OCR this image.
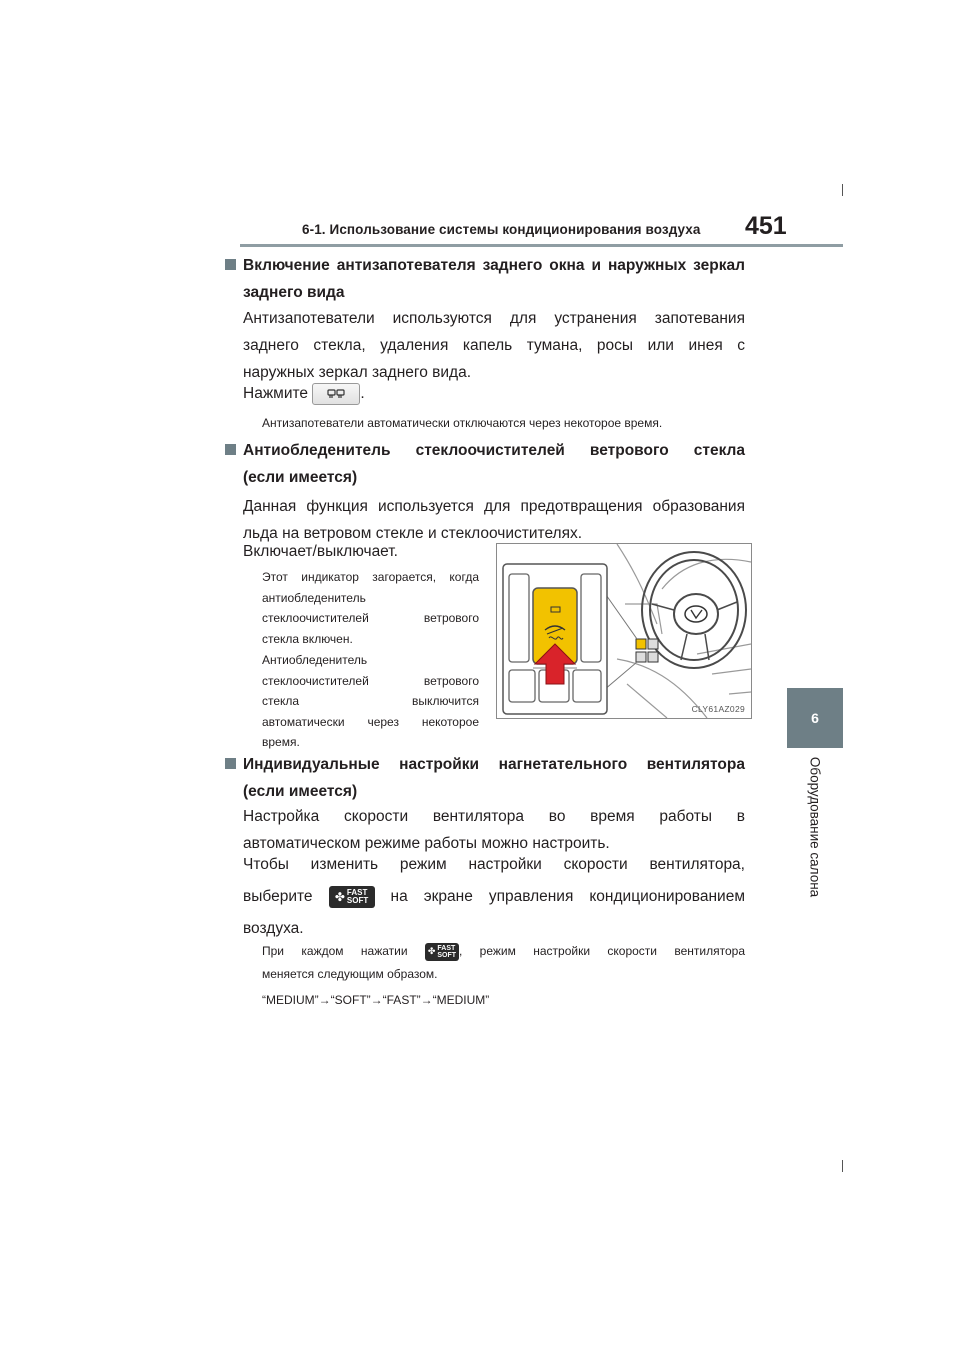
6-1. Использование системы кондиционирования воздуха 451
6
Оборудование салона
Включение антизапотевателя заднего окна и наружных зеркал
заднего вида
Антизапотеватели используются для устранения запотевания
заднего стекла, удаления капель тумана, росы или инея с
наружных зеркал заднего вида.
Нажмите	.
Антизапотеватели автоматически отключаются через некоторое время.
Антиобледенитель стеклоочистителей ветрового стекла
(если имеется)
Данная функция используется для предотвращения образования
льда на ветровом стекле и стеклоочистителях.
Включает/выключает.
Этот индикатор загорается, когда
антиобледенитель
стеклоочистителей ветрового
стекла включен.
Антиобледенитель
стеклоочистителей ветрового
стекла выключится
автоматически через некоторое
время.
CLY61AZ029
Индивидуальные настройки нагнетательного вентилятора
(если имеется)
Настройка скорости вентилятора во время работы в
автоматическом режиме работы можно настроить.
Чтобы изменить режим настройки скорости вентилятора,
выберите ✤ FAST
SOFT на экране управления кондиционированием
воздуха.
При каждом нажатии ✤ FAST
SOFT , режим настройки скорости вентилятора
меняется следующим образом.
“MEDIUM”→“SOFT”→“FAST”→“MEDIUM”
